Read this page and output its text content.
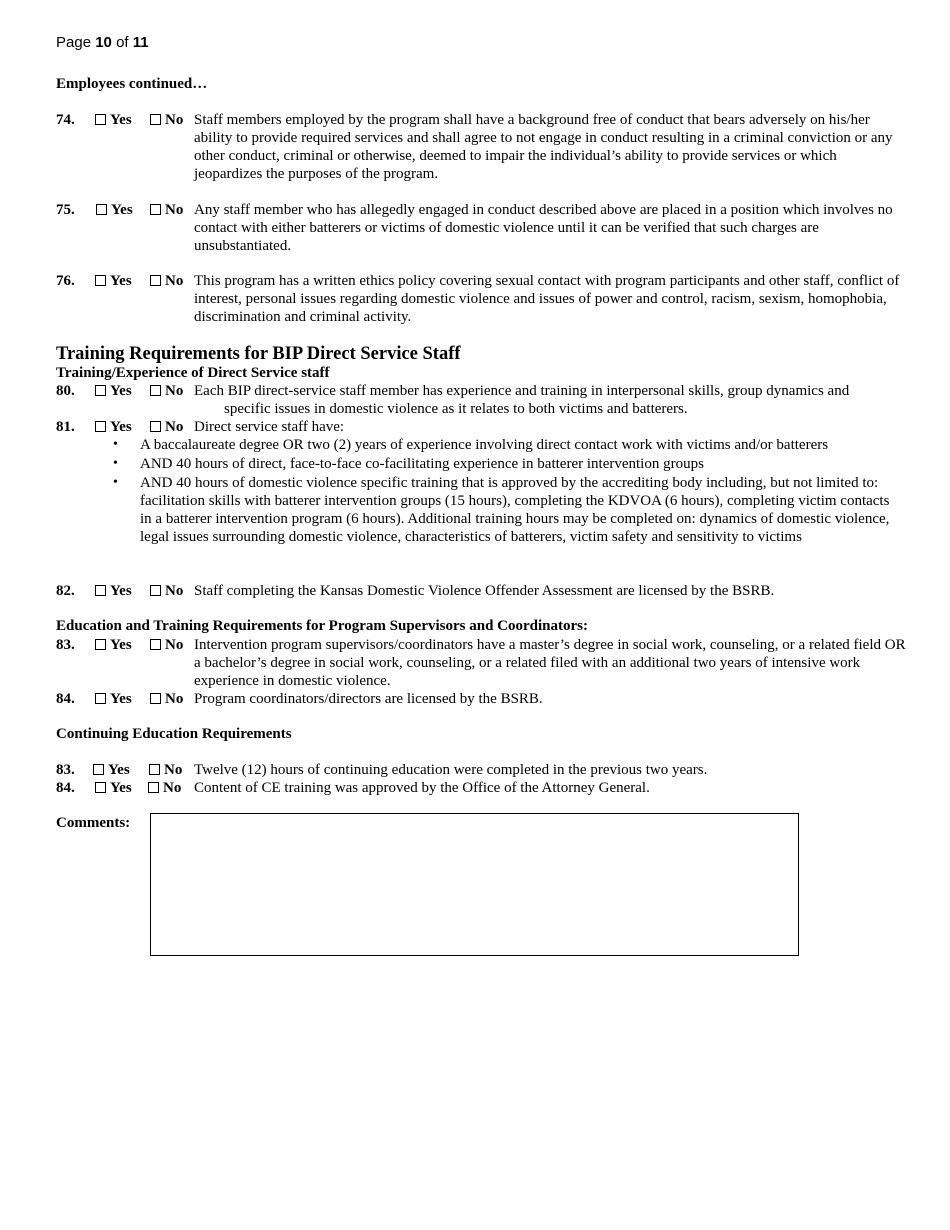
Page 10 of 11
Employees continued…
74.	Yes	No Staff members employed by the program shall have a background free of conduct that bears adversely on his/her ability to provide required services and shall agree to not engage in conduct resulting in a criminal conviction or any other conduct, criminal or otherwise, deemed to impair the individual’s ability to provide services or which jeopardizes the purposes of the program.
75.	Yes	No Any staff member who has allegedly engaged in conduct described above are placed in a position which involves no contact with either batterers or victims of domestic violence until it can be verified that such charges are unsubstantiated.
76.	Yes	No This program has a written ethics policy covering sexual contact with program participants and other staff, conflict of interest, personal issues regarding domestic violence and issues of power and control, racism, sexism, homophobia, discrimination and criminal activity.
Training Requirements for BIP Direct Service Staff
Training/Experience of Direct Service staff
80.	Yes	No Each BIP direct-service staff member has experience and training in interpersonal skills, group dynamics and
specific issues in domestic violence as it relates to both victims and batterers.
81.	Yes	No Direct service staff have:
• A baccalaureate degree OR two (2) years of experience involving direct contact work with victims and/or batterers
• AND 40 hours of direct, face-to-face co-facilitating experience in batterer intervention groups
• AND 40 hours of domestic violence specific training that is approved by the accrediting body including, but not limited to: facilitation skills with batterer intervention groups (15 hours), completing the KDVOA (6 hours), completing victim contacts in a batterer intervention program (6 hours). Additional training hours may be completed on: dynamics of domestic violence, legal issues surrounding domestic violence, characteristics of batterers, victim safety and sensitivity to victims
82.	Yes	No Staff completing the Kansas Domestic Violence Offender Assessment are licensed by the BSRB.
Education and Training Requirements for Program Supervisors and Coordinators:
83.	Yes	No Intervention program supervisors/coordinators have a master’s degree in social work, counseling, or a related field OR a bachelor’s degree in social work, counseling, or a related filed with an additional two years of intensive work experience in domestic violence.
84.	Yes	No Program coordinators/directors are licensed by the BSRB.
Continuing Education Requirements
83.	Yes	No Twelve (12) hours of continuing education were completed in the previous two years.
84.	Yes	No Content of CE training was approved by the Office of the Attorney General.
Comments:
